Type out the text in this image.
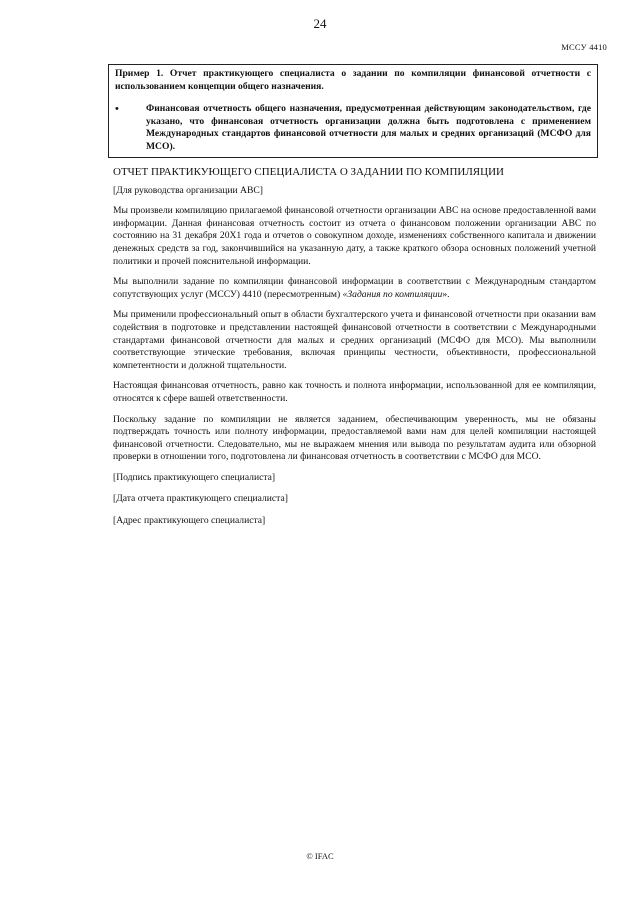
24
МССУ 4410
Пример 1. Отчет практикующего специалиста о задании по компиляции финансовой отчетности с использованием концепции общего назначения.
•	Финансовая отчетность общего назначения, предусмотренная действующим законодательством, где указано, что финансовая отчетность организации должна быть подготовлена с применением Международных стандартов финансовой отчетности для малых и средних организаций (МСФО для МСО).
ОТЧЕТ ПРАКТИКУЮЩЕГО СПЕЦИАЛИСТА О ЗАДАНИИ ПО КОМПИЛЯЦИИ
[Для руководства организации АВС]
Мы произвели компиляцию прилагаемой финансовой отчетности организации АВС на основе предоставленной вами информации. Данная финансовая отчетность состоит из отчета о финансовом положении организации АВС по состоянию на 31 декабря 20X1 года и отчетов о совокупном доходе, изменениях собственного капитала и движении денежных средств за год, закончившийся на указанную дату, а также краткого обзора основных положений учетной политики и прочей пояснительной информации.
Мы выполнили задание по компиляции финансовой информации в соответствии с Международным стандартом сопутствующих услуг (МССУ) 4410 (пересмотренным) «Задания по компиляции».
Мы применили профессиональный опыт в области бухгалтерского учета и финансовой отчетности при оказании вам содействия в подготовке и представлении настоящей финансовой отчетности в соответствии с Международными стандартами финансовой отчетности для малых и средних организаций (МСФО для МСО). Мы выполнили соответствующие этические требования, включая принципы честности, объективности, профессиональной компетентности и должной тщательности.
Настоящая финансовая отчетность, равно как точность и полнота информации, использованной для ее компиляции, относятся к сфере вашей ответственности.
Поскольку задание по компиляции не является заданием, обеспечивающим уверенность, мы не обязаны подтверждать точность или полноту информации, предоставляемой вами нам для целей компиляции настоящей финансовой отчетности. Следовательно, мы не выражаем мнения или вывода по результатам аудита или обзорной проверки в отношении того, подготовлена ли финансовая отчетность в соответствии с МСФО для МСО.
[Подпись практикующего специалиста]
[Дата отчета практикующего специалиста]
[Адрес практикующего специалиста]
© IFAC
